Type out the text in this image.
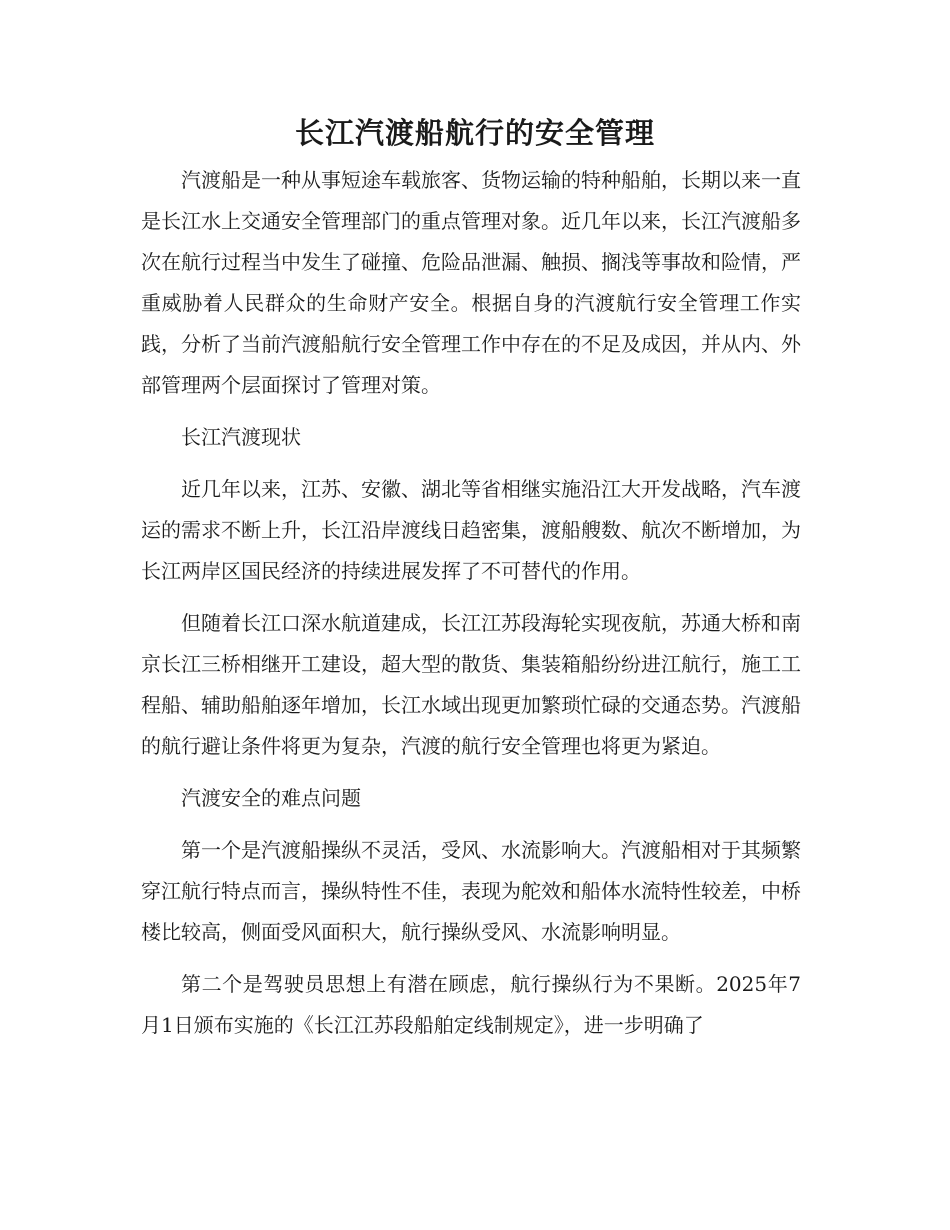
长江汽渡船航行的安全管理

汽渡船是一种从事短途车载旅客、货物运输的特种船舶，长期以来一直是长江水上交通安全管理部门的重点管理对象。近几年以来，长江汽渡船多次在航行过程当中发生了碰撞、危险品泄漏、触损、搁浅等事故和险情，严重威胁着人民群众的生命财产安全。根据自身的汽渡航行安全管理工作实践，分析了当前汽渡船航行安全管理工作中存在的不足及成因，并从内、外部管理两个层面探讨了管理对策。

长江汽渡现状

近几年以来，江苏、安徽、湖北等省相继实施沿江大开发战略，汽车渡运的需求不断上升，长江沿岸渡线日趋密集，渡船艘数、航次不断增加，为长江两岸区国民经济的持续进展发挥了不可替代的作用。

但随着长江口深水航道建成，长江江苏段海轮实现夜航，苏通大桥和南京长江三桥相继开工建设，超大型的散货、集装箱船纷纷进江航行，施工工程船、辅助船舶逐年增加，长江水域出现更加繁琐忙碌的交通态势。汽渡船的航行避让条件将更为复杂，汽渡的航行安全管理也将更为紧迫。

汽渡安全的难点问题

第一个是汽渡船操纵不灵活，受风、水流影响大。汽渡船相对于其频繁穿江航行特点而言，操纵特性不佳，表现为舵效和船体水流特性较差，中桥楼比较高，侧面受风面积大，航行操纵受风、水流影响明显。

第二个是驾驶员思想上有潜在顾虑，航行操纵行为不果断。2025年7月1日颁布实施的《长江江苏段船舶定线制规定》，进一步明确了
